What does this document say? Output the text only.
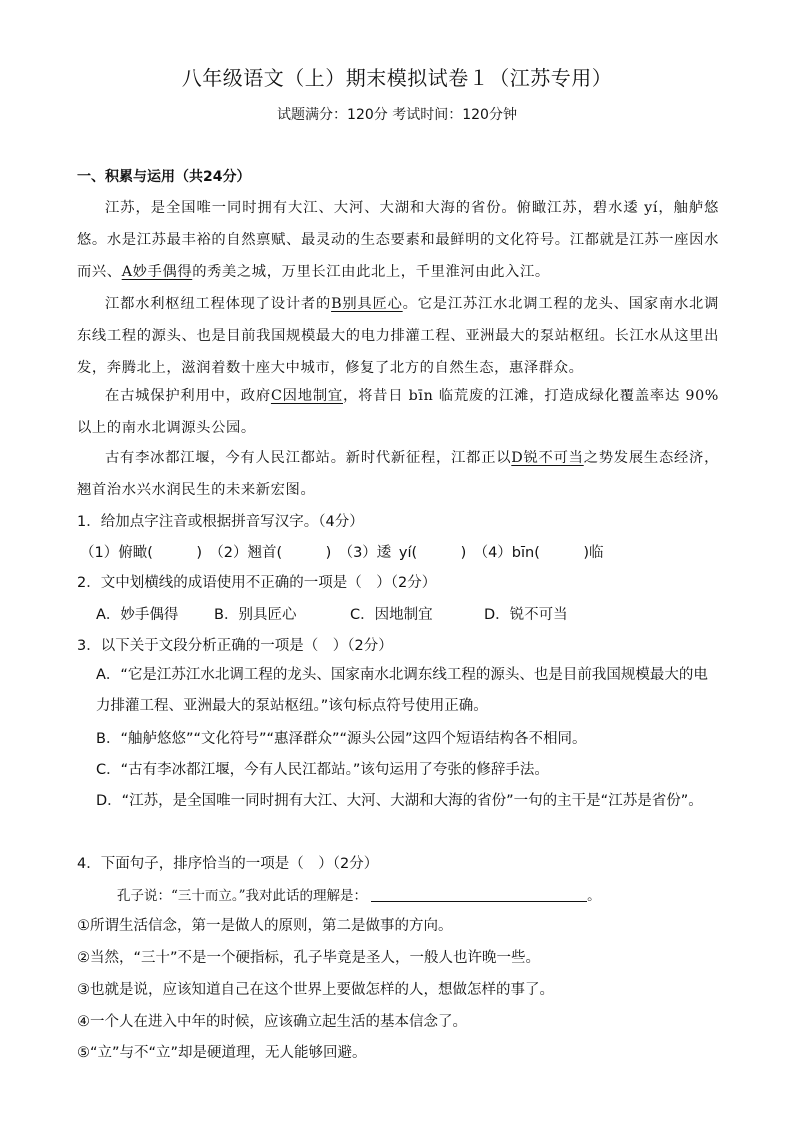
八年级语文（上）期末模拟试卷１（江苏专用）
试题满分：120分 考试时间：120分钟
一、积累与运用（共24分）
江苏，是全国唯一同时拥有大江、大河、大湖和大海的省份。俯瞰江苏，碧水逶 yí，舳舻悠悠。水是江苏最丰裕的自然禀赋、最灵动的生态要素和最鲜明的文化符号。江都就是江苏一座因水而兴、A妙手偶得的秀美之城，万里长江由此北上，千里淮河由此入江。
江都水利枢纽工程体现了设计者的B别具匠心。它是江苏江水北调工程的龙头、国家南水北调东线工程的源头、也是目前我国规模最大的电力排灌工程、亚洲最大的泵站枢纽。长江水从这里出发，奔腾北上，滋润着数十座大中城市，修复了北方的自然生态，惠泽群众。
在古城保护利用中，政府C因地制宜，将昔日 bīn 临荒废的江滩，打造成绿化覆盖率达 90%以上的南水北调源头公园。
古有李冰都江堰，今有人民江都站。新时代新征程，江都正以D锐不可当之势发展生态经济，翘首治水兴水润民生的未来新宏图。
1．给加点字注音或根据拼音写汉字。（4分）
（1）俯瞰(　　　)　（2）翘首(　　　)　（3）逶 yí(　　　)　（4）bīn(　　　)临
2．文中划横线的成语使用不正确的一项是（　）（2分）
A．妙手偶得 B．别具匠心	C．因地制宜	D．锐不可当
3．以下关于文段分析正确的一项是（　）（2分）
A．“它是江苏江水北调工程的龙头、国家南水北调东线工程的源头、也是目前我国规模最大的电力排灌工程、亚洲最大的泵站枢纽。”该句标点符号使用正确。
B．“舳舻悠悠”“文化符号”“惠泽群众”“源头公园”这四个短语结构各不相同。
C．“古有李冰都江堰，今有人民江都站。”该句运用了夸张的修辞手法。
D．“江苏，是全国唯一同时拥有大江、大河、大湖和大海的省份”一句的主干是“江苏是省份”。
4．下面句子，排序恰当的一项是（　）（2分）
孔子说：“三十而立。”我对此话的理解是：	。
①所谓生活信念，第一是做人的原则，第二是做事的方向。
②当然，“三十”不是一个硬指标，孔子毕竟是圣人，一般人也许晚一些。
③也就是说，应该知道自己在这个世界上要做怎样的人，想做怎样的事了。
④一个人在进入中年的时候，应该确立起生活的基本信念了。
⑤“立”与不“立”却是硬道理，无人能够回避。
